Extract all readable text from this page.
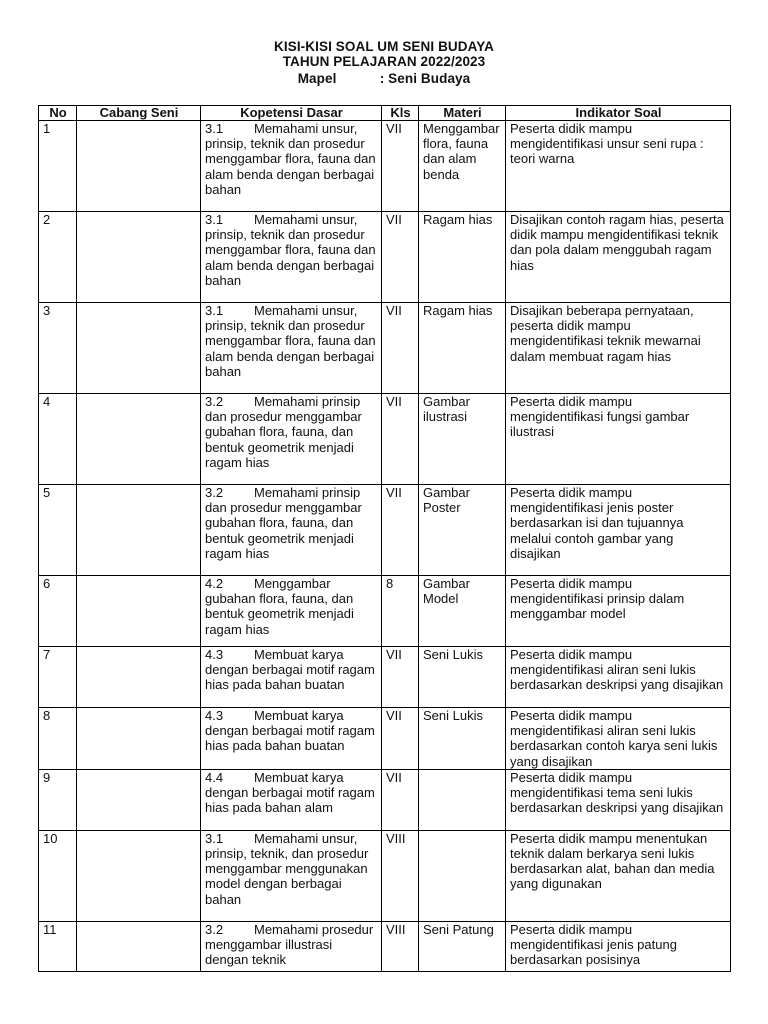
KISI-KISI SOAL UM SENI BUDAYA
TAHUN PELAJARAN 2022/2023
Mapel	: Seni Budaya
No	Cabang Seni	Kopetensi Dasar	Kls	Materi	Indikator Soal
1		3.1 Memahami unsur, prinsip, teknik dan prosedur menggambar flora, fauna dan alam benda dengan berbagai bahan	VII	Menggambar flora, fauna dan alam benda	Peserta didik mampu mengidentifikasi unsur seni rupa : teori warna
2		3.1 Memahami unsur, prinsip, teknik dan prosedur menggambar flora, fauna dan alam benda dengan berbagai bahan	VII	Ragam hias	Disajikan contoh ragam hias, peserta didik mampu mengidentifikasi teknik dan pola dalam menggubah ragam hias
3		3.1 Memahami unsur, prinsip, teknik dan prosedur menggambar flora, fauna dan alam benda dengan berbagai bahan	VII	Ragam hias	Disajikan beberapa pernyataan, peserta didik mampu mengidentifikasi teknik mewarnai dalam membuat ragam hias
4		3.2 Memahami prinsip dan prosedur menggambar gubahan flora, fauna, dan bentuk geometrik menjadi ragam hias	VII	Gambar ilustrasi	Peserta didik mampu mengidentifikasi fungsi gambar ilustrasi
5		3.2 Memahami prinsip dan prosedur menggambar gubahan flora, fauna, dan bentuk geometrik menjadi ragam hias	VII	Gambar Poster	Peserta didik mampu mengidentifikasi jenis poster berdasarkan isi dan tujuannya melalui contoh gambar yang disajikan
6		4.2 Menggambar gubahan flora, fauna, dan bentuk geometrik menjadi ragam hias	8	Gambar Model	Peserta didik mampu mengidentifikasi prinsip dalam menggambar model
7		4.3 Membuat karya dengan berbagai motif ragam hias pada bahan buatan	VII	Seni Lukis	Peserta didik mampu mengidentifikasi aliran seni lukis berdasarkan deskripsi yang disajikan
8		4.3 Membuat karya dengan berbagai motif ragam hias pada bahan buatan	VII	Seni Lukis	Peserta didik mampu mengidentifikasi aliran seni lukis berdasarkan contoh karya seni lukis yang disajikan
9		4.4 Membuat karya dengan berbagai motif ragam hias pada bahan alam	VII		Peserta didik mampu mengidentifikasi tema seni lukis berdasarkan deskripsi yang disajikan
10		3.1 Memahami unsur, prinsip, teknik, dan prosedur menggambar menggunakan model dengan berbagai bahan	VIII		Peserta didik mampu menentukan teknik dalam berkarya seni lukis berdasarkan alat, bahan dan media yang digunakan
11		3.2 Memahami prosedur menggambar illustrasi dengan teknik	VIII	Seni Patung	Peserta didik mampu mengidentifikasi jenis patung berdasarkan posisinya
